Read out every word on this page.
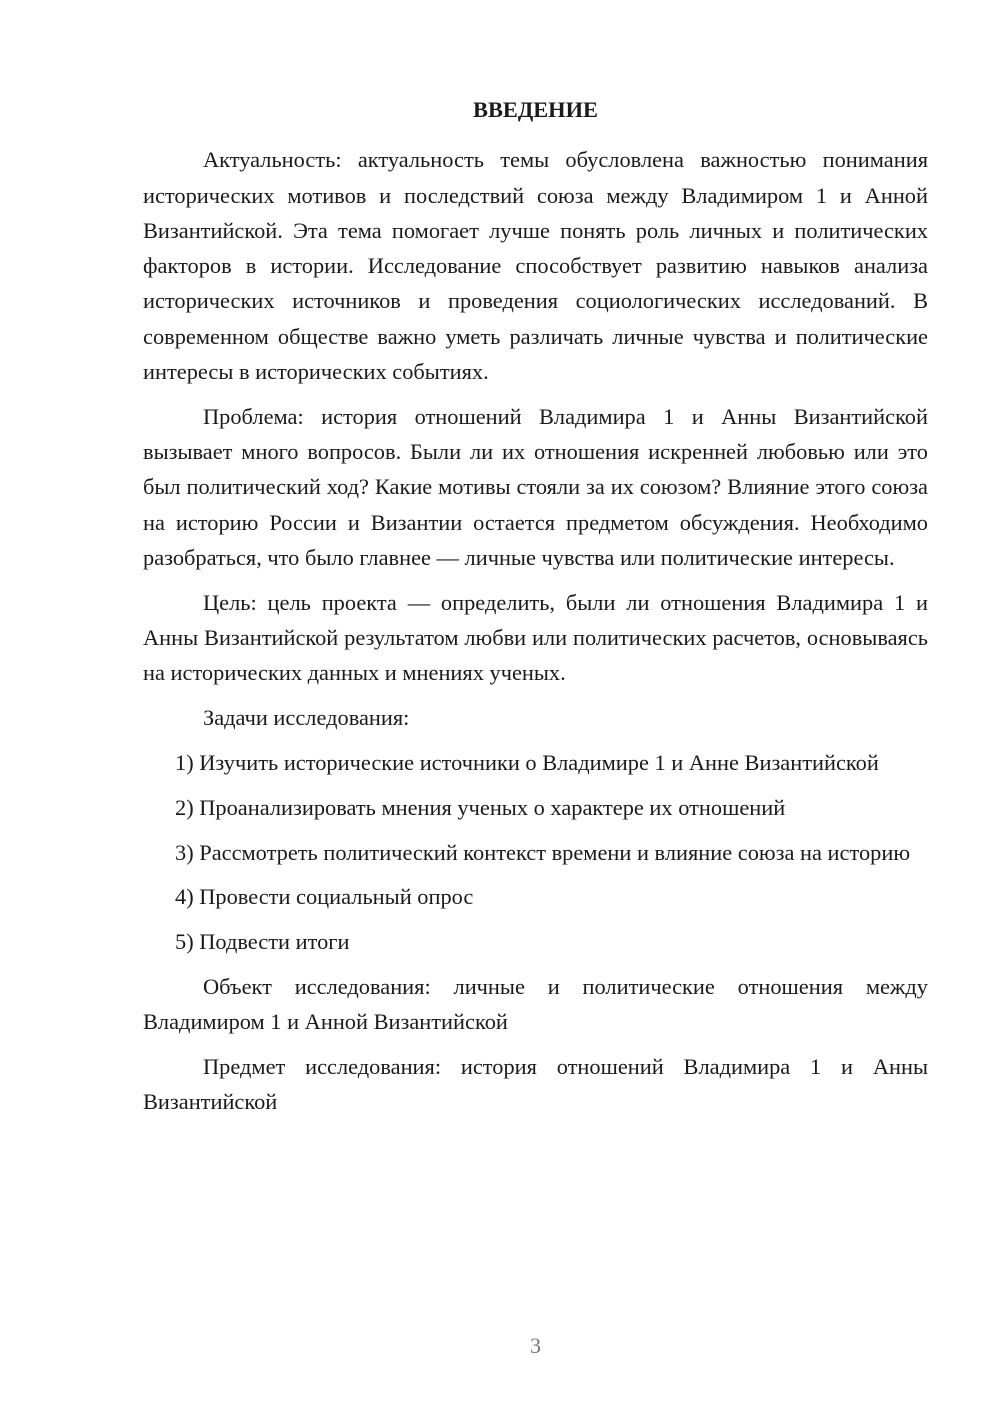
ВВЕДЕНИЕ

Актуальность: актуальность темы обусловлена важностью понимания исторических мотивов и последствий союза между Владимиром 1 и Анной Византийской. Эта тема помогает лучше понять роль личных и политических факторов в истории. Исследование способствует развитию навыков анализа исторических источников и проведения социологических исследований. В современном обществе важно уметь различать личные чувства и политические интересы в исторических событиях.

Проблема: история отношений Владимира 1 и Анны Византийской вызывает много вопросов. Были ли их отношения искренней любовью или это был политический ход? Какие мотивы стояли за их союзом? Влияние этого союза на историю России и Византии остается предметом обсуждения. Необходимо разобраться, что было главнее — личные чувства или политические интересы.

Цель: цель проекта — определить, были ли отношения Владимира 1 и Анны Византийской результатом любви или политических расчетов, основываясь на исторических данных и мнениях ученых.

Задачи исследования:

1) Изучить исторические источники о Владимире 1 и Анне Византийской

2) Проанализировать мнения ученых о характере их отношений

3) Рассмотреть политический контекст времени и влияние союза на историю

4) Провести социальный опрос

5) Подвести итоги

Объект исследования: личные и политические отношения между Владимиром 1 и Анной Византийской

Предмет исследования: история отношений Владимира 1 и Анны Византийской

3
